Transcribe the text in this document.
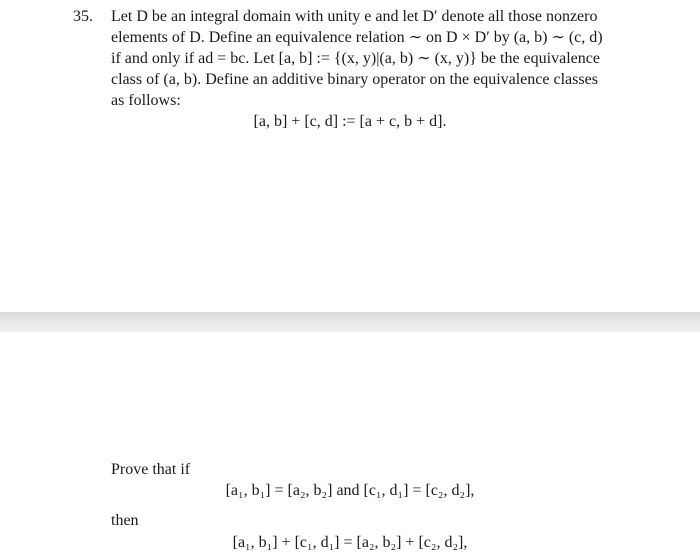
35. Let D be an integral domain with unity e and let D′ denote all those nonzero
elements of D. Define an equivalence relation ∼ on D × D′ by (a, b) ∼ (c, d)
if and only if ad = bc. Let [a, b] := {(x, y)|(a, b) ∼ (x, y)} be the equivalence
class of (a, b). Define an additive binary operator on the equivalence classes
as follows:
[a, b] + [c, d] := [a + c, b + d].
Prove that if
[a₁, b₁] = [a₂, b₂] and [c₁, d₁] = [c₂, d₂],
then
[a₁, b₁] + [c₁, d₁] = [a₂, b₂] + [c₂, d₂],
